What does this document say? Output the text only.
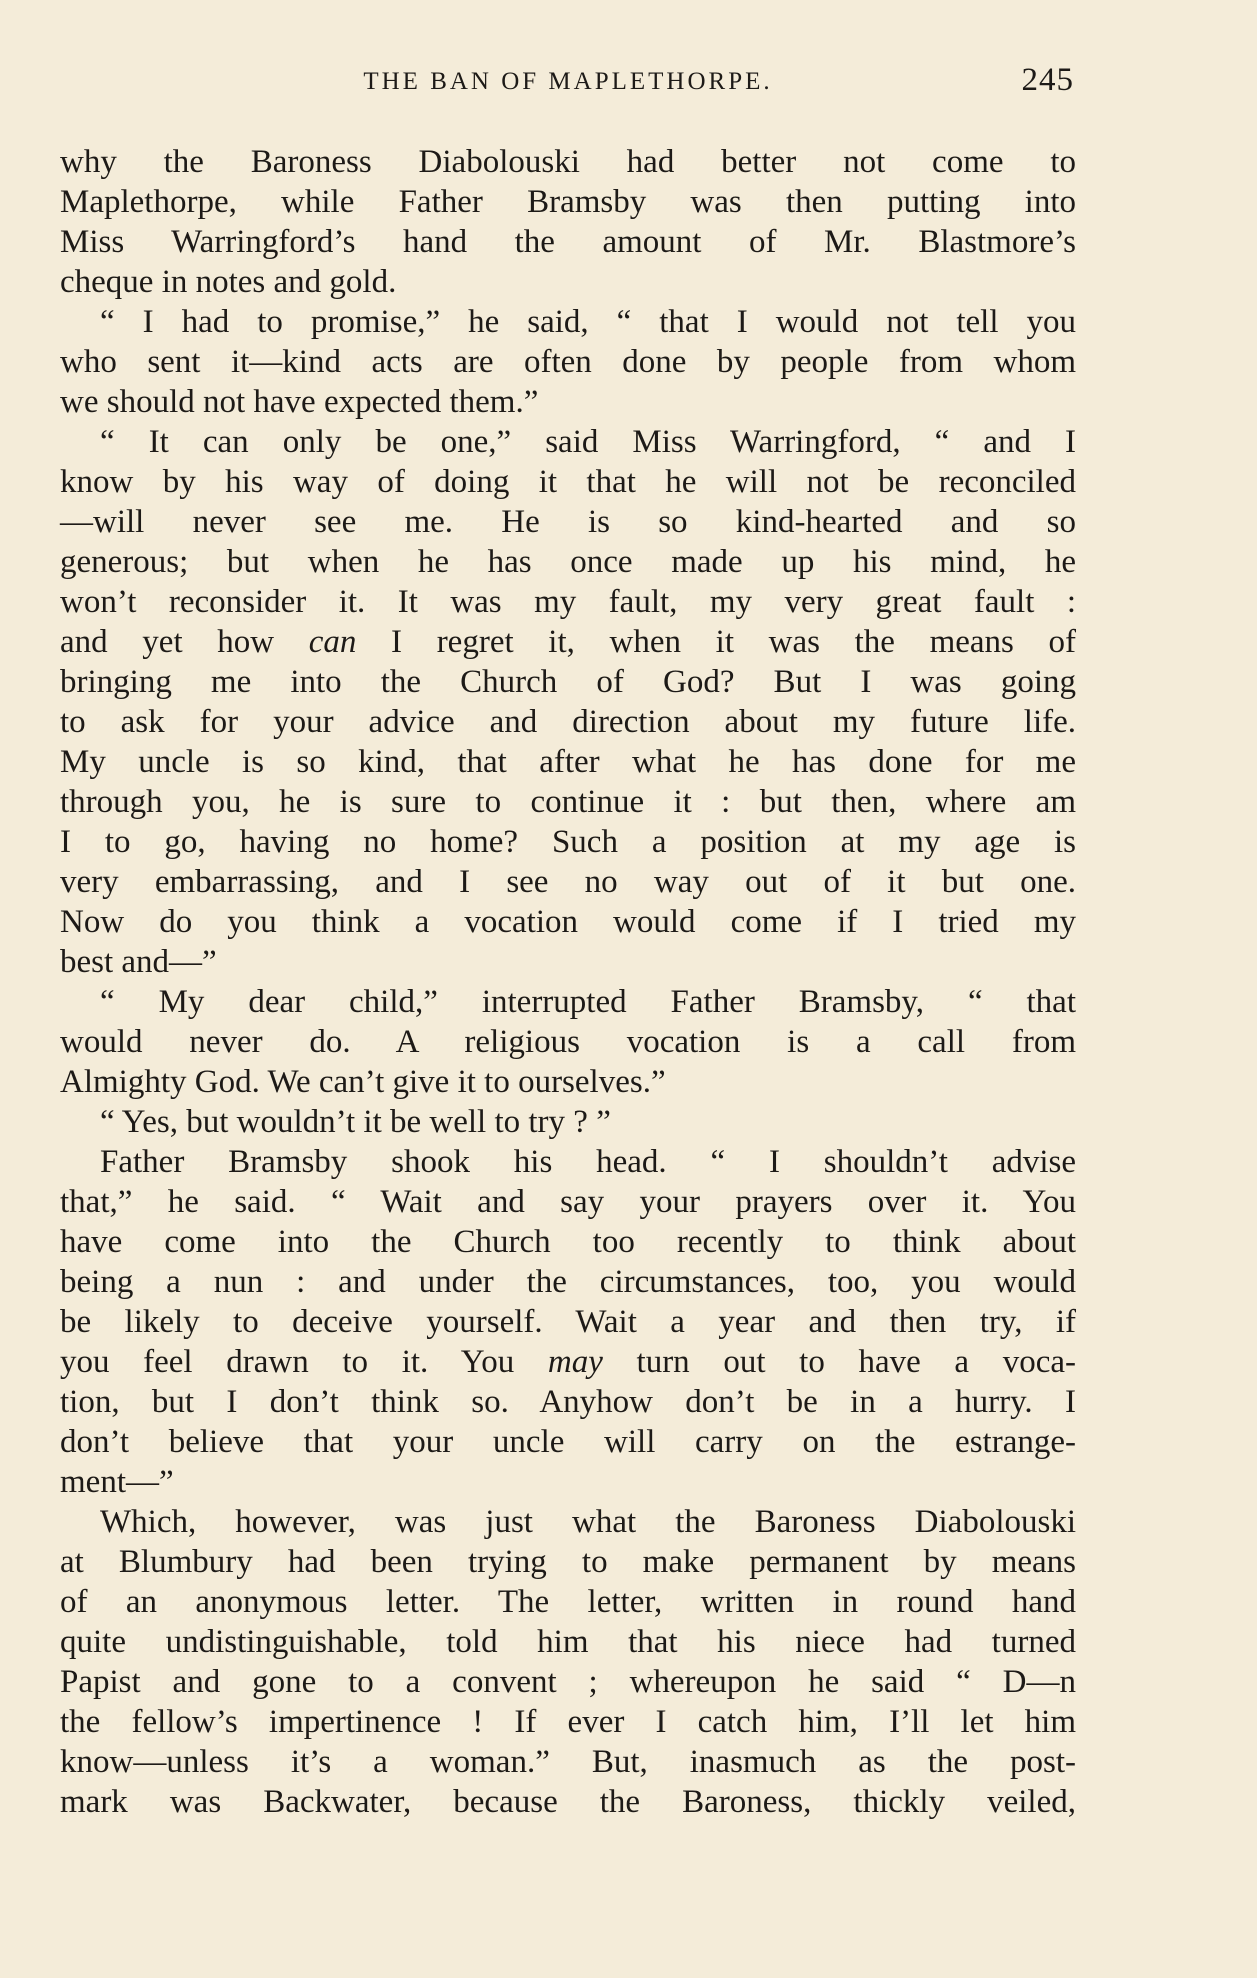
THE BAN OF MAPLETHORPE.	245
why the Baroness Diabolouski had better not come to
Maplethorpe, while Father Bramsby was then putting into
Miss Warringford’s hand the amount of Mr. Blastmore’s
cheque in notes and gold.
“ I had to promise,” he said, “ that I would not tell you
who sent it—kind acts are often done by people from whom
we should not have expected them.”
“ It can only be one,” said Miss Warringford, “ and I
know by his way of doing it that he will not be reconciled
—will never see me. He is so kind-hearted and so
generous; but when he has once made up his mind, he
won’t reconsider it. It was my fault, my very great fault :
and yet how can I regret it, when it was the means of
bringing me into the Church of God? But I was going
to ask for your advice and direction about my future life.
My uncle is so kind, that after what he has done for me
through you, he is sure to continue it : but then, where am
I to go, having no home? Such a position at my age is
very embarrassing, and I see no way out of it but one.
Now do you think a vocation would come if I tried my
best and—”
“ My dear child,” interrupted Father Bramsby, “ that
would never do. A religious vocation is a call from
Almighty God. We can’t give it to ourselves.”
“ Yes, but wouldn’t it be well to try ? ”
Father Bramsby shook his head. “ I shouldn’t advise
that,” he said. “ Wait and say your prayers over it. You
have come into the Church too recently to think about
being a nun : and under the circumstances, too, you would
be likely to deceive yourself. Wait a year and then try, if
you feel drawn to it. You may turn out to have a voca-
tion, but I don’t think so. Anyhow don’t be in a hurry. I
don’t believe that your uncle will carry on the estrange-
ment—”
Which, however, was just what the Baroness Diabolouski
at Blumbury had been trying to make permanent by means
of an anonymous letter. The letter, written in round hand
quite undistinguishable, told him that his niece had turned
Papist and gone to a convent ; whereupon he said “ D—n
the fellow’s impertinence ! If ever I catch him, I’ll let him
know—unless it’s a woman.” But, inasmuch as the post-
mark was Backwater, because the Baroness, thickly veiled,
